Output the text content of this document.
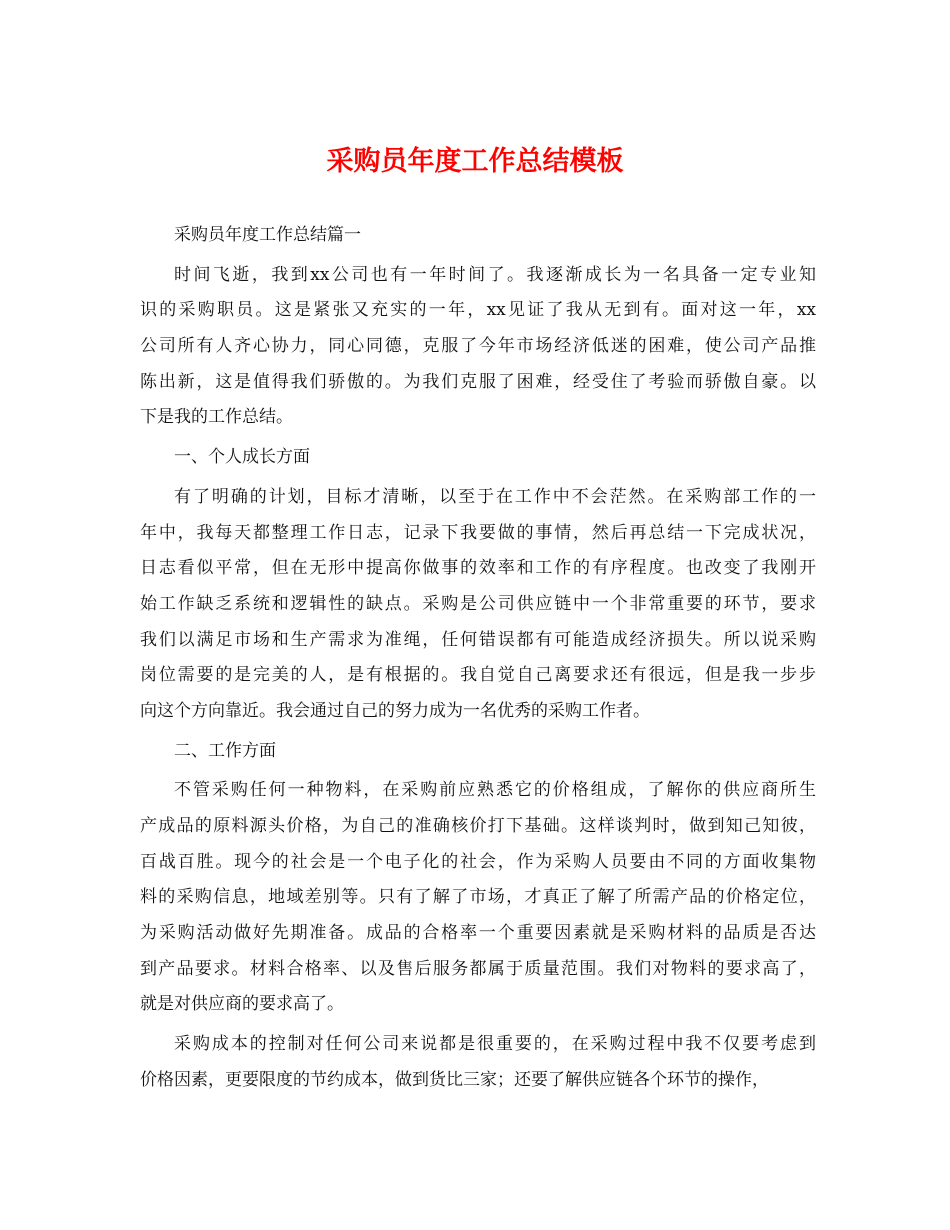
采购员年度工作总结模板
采购员年度工作总结篇一
时间飞逝，我到xx公司也有一年时间了。我逐渐成长为一名具备一定专业知
识的采购职员。这是紧张又充实的一年，xx见证了我从无到有。面对这一年，xx
公司所有人齐心协力，同心同德，克服了今年市场经济低迷的困难，使公司产品推
陈出新，这是值得我们骄傲的。为我们克服了困难，经受住了考验而骄傲自豪。以
下是我的工作总结。
一、个人成长方面
有了明确的计划，目标才清晰，以至于在工作中不会茫然。在采购部工作的一
年中，我每天都整理工作日志，记录下我要做的事情，然后再总结一下完成状况，
日志看似平常，但在无形中提高你做事的效率和工作的有序程度。也改变了我刚开
始工作缺乏系统和逻辑性的缺点。采购是公司供应链中一个非常重要的环节，要求
我们以满足市场和生产需求为准绳，任何错误都有可能造成经济损失。所以说采购
岗位需要的是完美的人，是有根据的。我自觉自己离要求还有很远，但是我一步步
向这个方向靠近。我会通过自己的努力成为一名优秀的采购工作者。
二、工作方面
不管采购任何一种物料，在采购前应熟悉它的价格组成，了解你的供应商所生
产成品的原料源头价格，为自己的准确核价打下基础。这样谈判时，做到知己知彼，
百战百胜。现今的社会是一个电子化的社会，作为采购人员要由不同的方面收集物
料的采购信息，地域差别等。只有了解了市场，才真正了解了所需产品的价格定位，
为采购活动做好先期准备。成品的合格率一个重要因素就是采购材料的品质是否达
到产品要求。材料合格率、以及售后服务都属于质量范围。我们对物料的要求高了，
就是对供应商的要求高了。
采购成本的控制对任何公司来说都是很重要的，在采购过程中我不仅要考虑到
价格因素，更要限度的节约成本，做到货比三家；还要了解供应链各个环节的操作，
